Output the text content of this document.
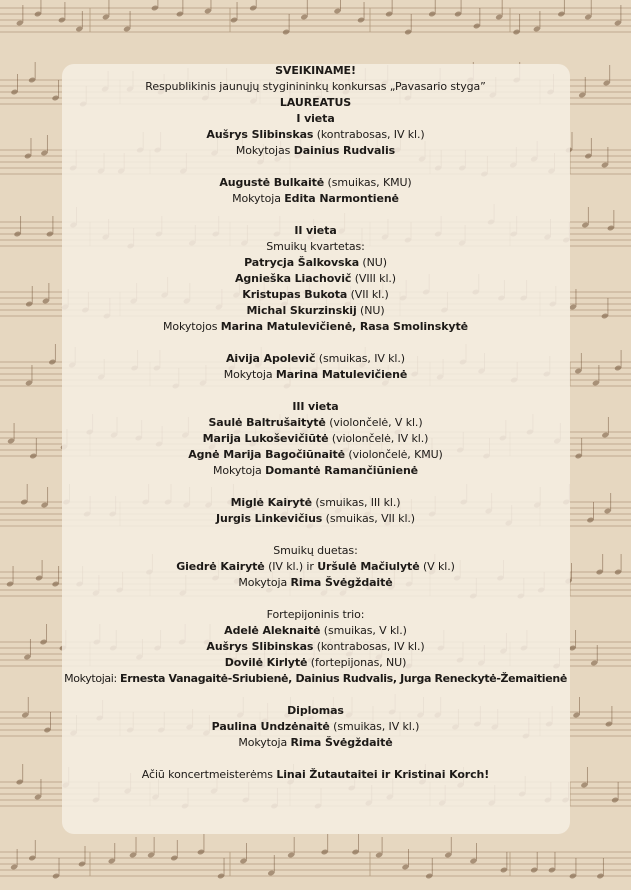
SVEIKINAME!
Respublikinis jaunųjų styginininkų konkursas „Pavasario styga”
LAUREATUS
I vieta
Aušrys Slibinskas (kontrabosas, IV kl.)
Mokytojas Dainius Rudvalis
Augustė Bulkaitė (smuikas, KMU)
Mokytoja Edita Narmontienė
II vieta
Smuikų kvartetas:
Patrycja Šalkovska (NU)
Agnieška Liachovič (VIII kl.)
Kristupas Bukota (VII kl.)
Michal Skurzinskij (NU)
Mokytojos Marina Matulevičienė, Rasa Smolinskytė
Aivija Apolevič (smuikas, IV kl.)
Mokytoja Marina Matulevičienė
III vieta
Saulė Baltrušaitytė (violončelė, V kl.)
Marija Lukoševičiūtė (violončelė, IV kl.)
Agnė Marija Bagočiūnaitė (violončelė, KMU)
Mokytoja Domantė Ramančiūnienė
Miglė Kairytė (smuikas, III kl.)
Jurgis Linkevičius (smuikas, VII kl.)
Smuikų duetas:
Giedrė Kairytė (IV kl.) ir Uršulė Mačiulytė (V kl.)
Mokytoja Rima Švėgždaitė
Fortepijoninis trio:
Adelė Aleknaitė (smuikas, V kl.)
Aušrys Slibinskas (kontrabosas, IV kl.)
Dovilė Kirlytė (fortepijonas, NU)
Mokytojai: Ernesta Vanagaitė-Sriubienė, Dainius Rudvalis, Jurga Reneckytė-Žemaitienė
Diplomas
Paulina Undzėnaitė (smuikas, IV kl.)
Mokytoja Rima Švėgždaitė
Ačiū koncertmeisterėms Linai Žutautaitei ir Kristinai Korch!
